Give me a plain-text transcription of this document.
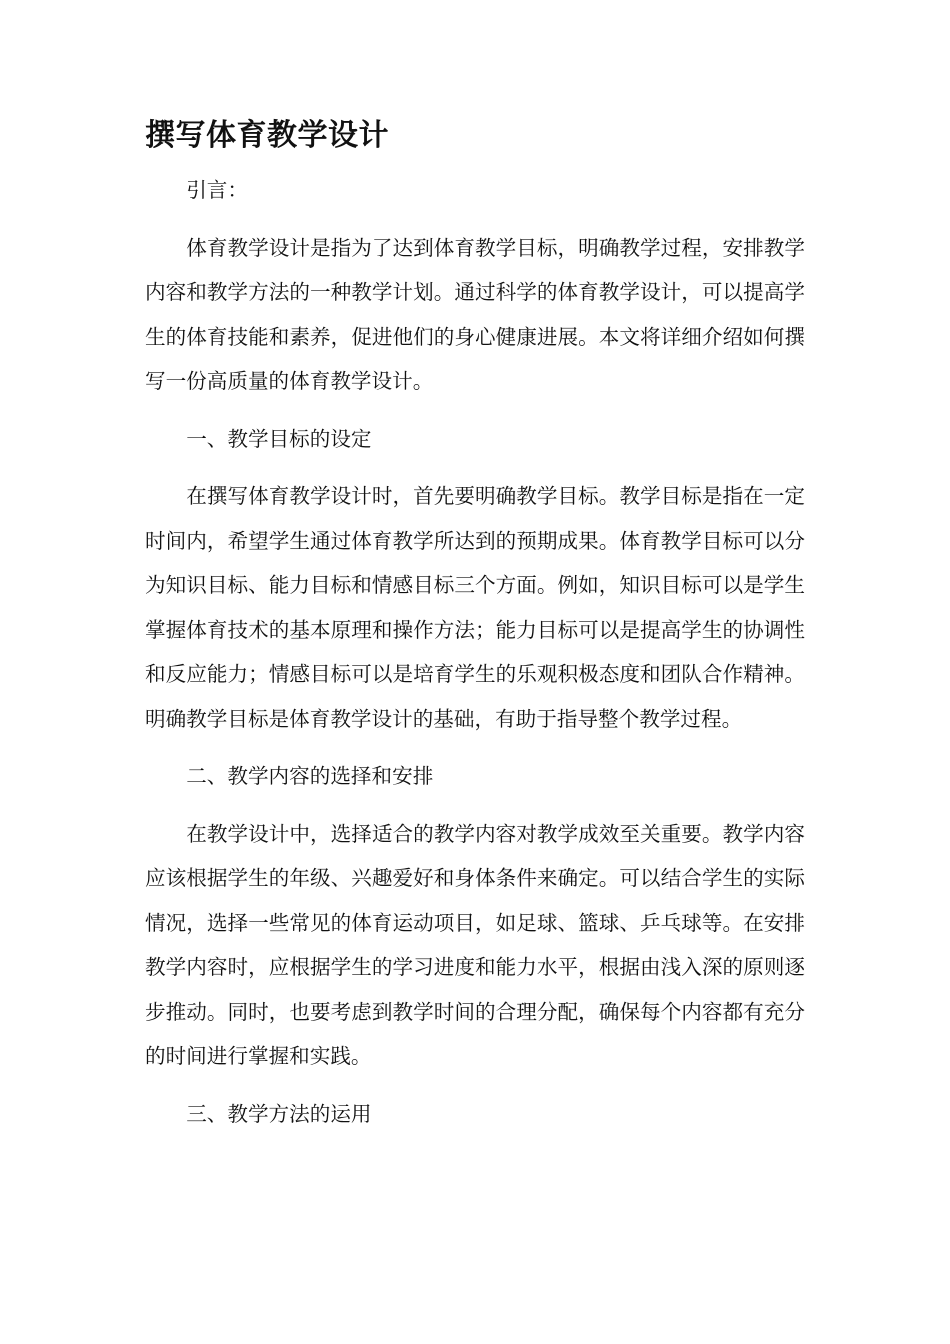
撰写体育教学设计

引言：

体育教学设计是指为了达到体育教学目标，明确教学过程，安排教学内容和教学方法的一种教学计划。通过科学的体育教学设计，可以提高学生的体育技能和素养，促进他们的身心健康进展。本文将详细介绍如何撰写一份高质量的体育教学设计。

一、教学目标的设定

在撰写体育教学设计时，首先要明确教学目标。教学目标是指在一定时间内，希望学生通过体育教学所达到的预期成果。体育教学目标可以分为知识目标、能力目标和情感目标三个方面。例如，知识目标可以是学生掌握体育技术的基本原理和操作方法；能力目标可以是提高学生的协调性和反应能力；情感目标可以是培育学生的乐观积极态度和团队合作精神。明确教学目标是体育教学设计的基础，有助于指导整个教学过程。

二、教学内容的选择和安排

在教学设计中，选择适合的教学内容对教学成效至关重要。教学内容应该根据学生的年级、兴趣爱好和身体条件来确定。可以结合学生的实际情况，选择一些常见的体育运动项目，如足球、篮球、乒乓球等。在安排教学内容时，应根据学生的学习进度和能力水平，根据由浅入深的原则逐步推动。同时，也要考虑到教学时间的合理分配，确保每个内容都有充分的时间进行掌握和实践。

三、教学方法的运用
